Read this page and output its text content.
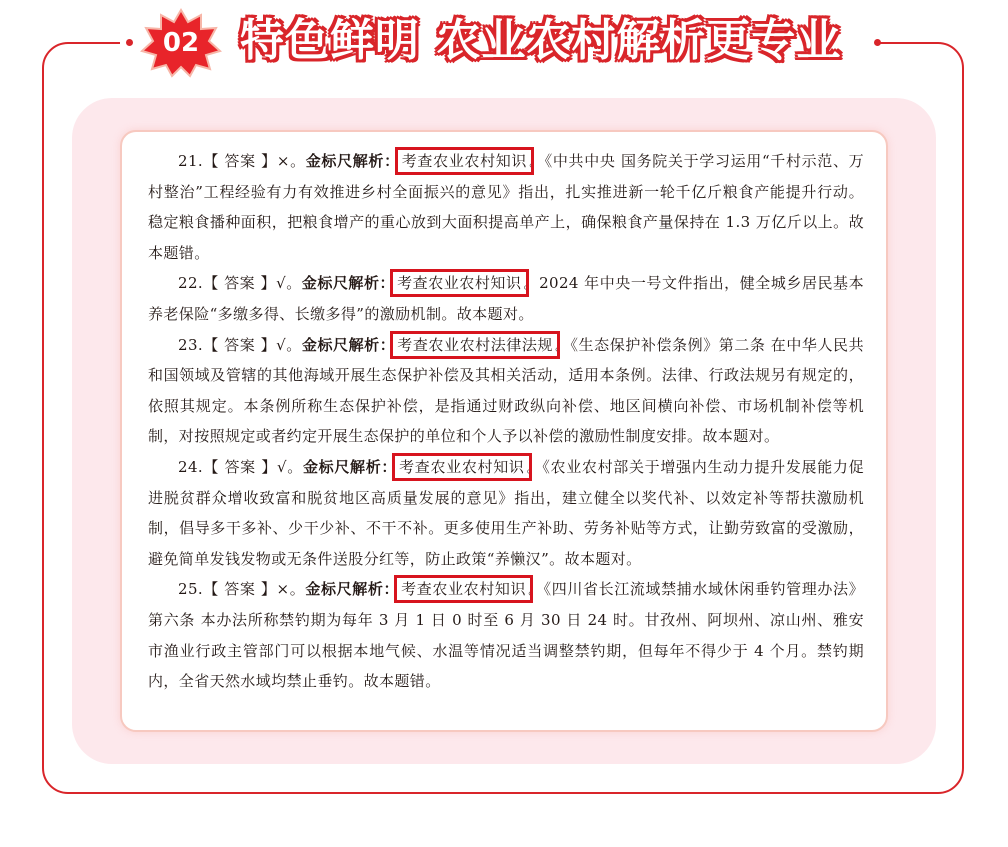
02 特色鲜明 农业农村解析更专业

21.【 答案 】×。金标尺解析： 考查农业农村知识 。《中共中央 国务院关于学习运用“千村示范、万村整治”工程经验有力有效推进乡村全面振兴的意见》指出，扎实推进新一轮千亿斤粮食产能提升行动。稳定粮食播种面积，把粮食增产的重心放到大面积提高单产上，确保粮食产量保持在 1.3 万亿斤以上。故本题错。

22.【 答案 】√。金标尺解析： 考查农业农村知识 。2024 年中央一号文件指出，健全城乡居民基本养老保险“多缴多得、长缴多得”的激励机制。故本题对。

23.【 答案 】√。金标尺解析： 考查农业农村法律法规 。《生态保护补偿条例》第二条 在中华人民共和国领域及管辖的其他海域开展生态保护补偿及其相关活动，适用本条例。法律、行政法规另有规定的，依照其规定。本条例所称生态保护补偿，是指通过财政纵向补偿、地区间横向补偿、市场机制补偿等机制，对按照规定或者约定开展生态保护的单位和个人予以补偿的激励性制度安排。故本题对。

24.【 答案 】√。金标尺解析： 考查农业农村知识 。《农业农村部关于增强内生动力提升发展能力促进脱贫群众增收致富和脱贫地区高质量发展的意见》指出，建立健全以奖代补、以效定补等帮扶激励机制，倡导多干多补、少干少补、不干不补。更多使用生产补助、劳务补贴等方式，让勤劳致富的受激励，避免简单发钱发物或无条件送股分红等，防止政策“养懒汉”。故本题对。

25.【 答案 】×。金标尺解析： 考查农业农村知识 。《四川省长江流域禁捕水域休闲垂钓管理办法》第六条 本办法所称禁钓期为每年 3 月 1 日 0 时至 6 月 30 日 24 时。甘孜州、阿坝州、凉山州、雅安市渔业行政主管部门可以根据本地气候、水温等情况适当调整禁钓期，但每年不得少于 4 个月。禁钓期内，全省天然水域均禁止垂钓。故本题错。
